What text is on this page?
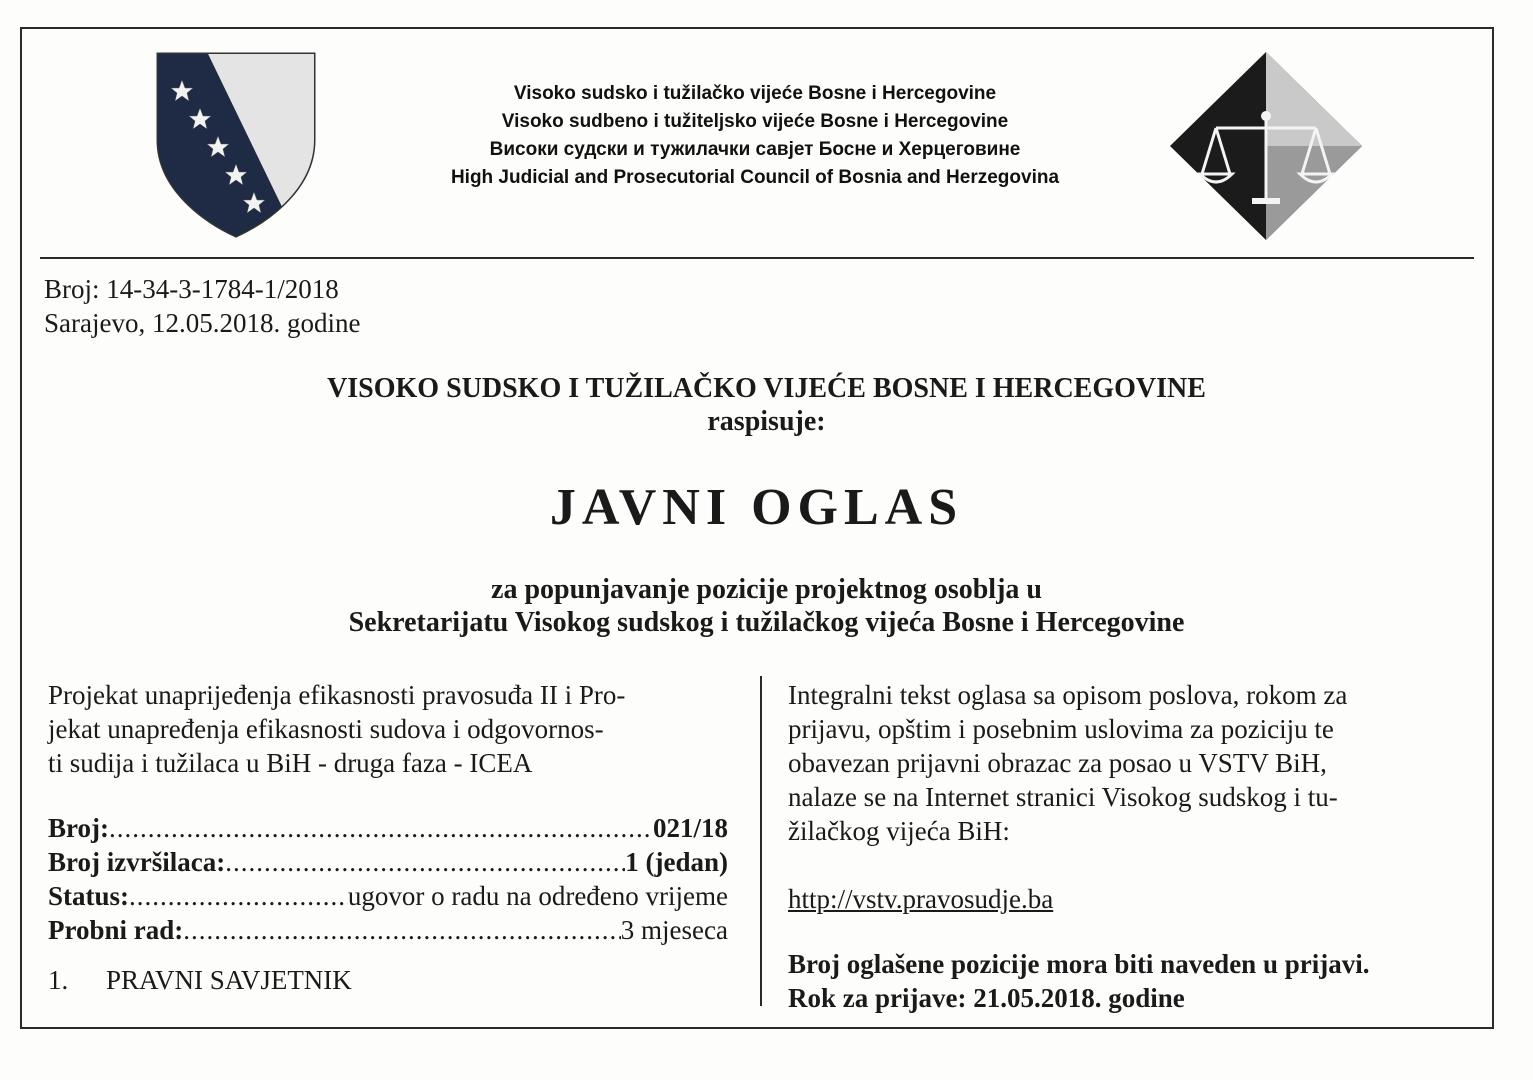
Visoko sudsko i tužilačko vijeće Bosne i Hercegovine
Visoko sudbeno i tužiteljsko vijeće Bosne i Hercegovine
Високи судски и тужилачки савјет Босне и Херцеговине
High Judicial and Prosecutorial Council of Bosnia and Herzegovina
Broj: 14-34-3-1784-1/2018
Sarajevo, 12.05.2018. godine
VISOKO SUDSKO I TUŽILAČKO VIJEĆE BOSNE I HERCEGOVINE
raspisuje:
JAVNI OGLAS
za popunjavanje pozicije projektnog osoblja u
Sekretarijatu Visokog sudskog i tužilačkog vijeća Bosne i Hercegovine
Projekat unaprijeđenja efikasnosti pravosuđa II i Pro-
jekat unapređenja efikasnosti sudova i odgovornos-
ti sudija i tužilaca u BiH - druga faza - ICEA
Broj: .....	021/18
Broj izvršilaca: .....	1 (jedan)
Status: .....	ugovor o radu na određeno vrijeme
Probni rad: .....	3 mjeseca
1. PRAVNI SAVJETNIK
Integralni tekst oglasa sa opisom poslova, rokom za
prijavu, opštim i posebnim uslovima za poziciju te
obavezan prijavni obrazac za posao u VSTV BiH,
nalaze se na Internet stranici Visokog sudskog i tu-
žilačkog vijeća BiH:
http://vstv.pravosudje.ba
Broj oglašene pozicije mora biti naveden u prijavi.
Rok za prijave: 21.05.2018. godine
